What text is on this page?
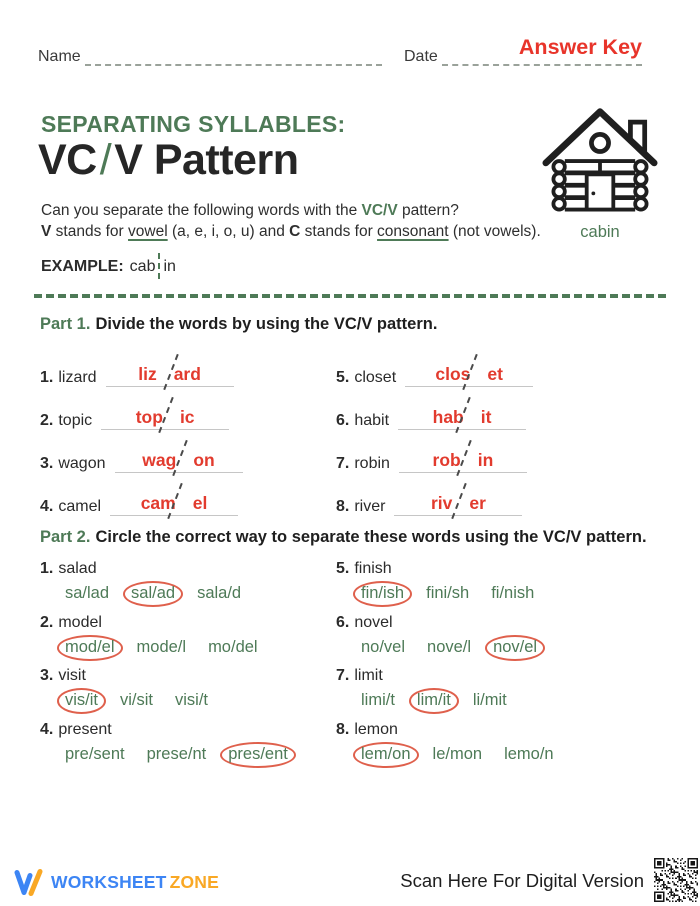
Name	Date	Answer Key
SEPARATING SYLLABLES:
VC/V Pattern
Can you separate the following words with the VC/V pattern?
V stands for vowel (a, e, i, o, u) and C stands for consonant (not vowels).
EXAMPLE: cab in
cabin
Part 1. Divide the words by using the VC/V pattern.
1. lizard	liz ard
2. topic	top ic
3. wagon	wag on
4. camel	cam el
5. closet	clos et
6. habit	hab it
7. robin	rob in
8. river	riv er
Part 2. Circle the correct way to separate these words using the VC/V pattern.
1. salad
sa/lad	sal/ad	sala/d
2. model
mod/el	mode/l	mo/del
3. visit
vis/it	vi/sit	visi/t
4. present
pre/sent	prese/nt	pres/ent
5. finish
fin/ish	fini/sh	fi/nish
6. novel
no/vel	nove/l	nov/el
7. limit
limi/t	lim/it	li/mit
8. lemon
lem/on	le/mon	lemo/n
WORKSHEET ZONE	Scan Here For Digital Version
